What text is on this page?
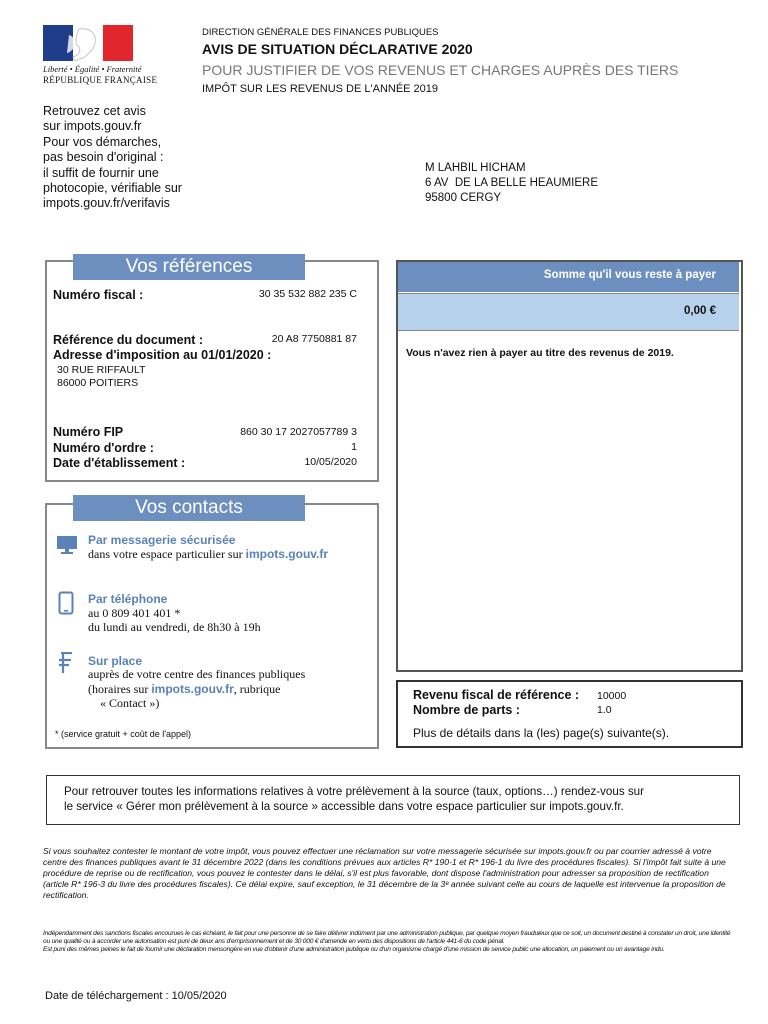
Liberté • Égalité • Fraternité
RÉPUBLIQUE FRANÇAISE
DIRECTION GÉNÉRALE DES FINANCES PUBLIQUES
AVIS DE SITUATION DÉCLARATIVE 2020
POUR JUSTIFIER DE VOS REVENUS ET CHARGES AUPRÈS DES TIERS
IMPÔT SUR LES REVENUS DE L'ANNÉE 2019
Retrouvez cet avis
sur impots.gouv.fr
Pour vos démarches,
pas besoin d'original :
il suffit de fournir une
photocopie, vérifiable sur
impots.gouv.fr/verifavis
M LAHBIL HICHAM
6 AV  DE LA BELLE HEAUMIERE
95800 CERGY
Vos références
Numéro fiscal :	30 35 532 882 235 C
Référence du document :	20 A8 7750881 87
Adresse d'imposition au 01/01/2020 :
30 RUE RIFFAULT
86000 POITIERS
Numéro FIP	860 30 17 2027057789 3
Numéro d'ordre :	1
Date d'établissement :	10/05/2020
Vos contacts
Par messagerie sécurisée
dans votre espace particulier sur impots.gouv.fr
Par téléphone
au 0 809 401 401 *
du lundi au vendredi, de 8h30 à 19h
Sur place
auprès de votre centre des finances publiques
(horaires sur impots.gouv.fr, rubrique
« Contact »)
* (service gratuit + coût de l'appel)
Somme qu'il vous reste à payer
0,00 €
Vous n'avez rien à payer au titre des revenus de 2019.
Revenu fiscal de référence : 10000
Nombre de parts :	1.0
Plus de détails dans la (les) page(s) suivante(s).
Pour retrouver toutes les informations relatives à votre prélèvement à la source (taux, options…) rendez-vous sur
le service « Gérer mon prélèvement à la source » accessible dans votre espace particulier sur impots.gouv.fr.
Si vous souhaitez contester le montant de votre impôt, vous pouvez effectuer une réclamation sur votre messagerie sécurisée sur impots.gouv.fr ou par courrier adressé à votre centre des finances publiques avant le 31 décembre 2022 (dans les conditions prévues aux articles R* 190-1 et R* 196-1 du livre des procédures fiscales). Si l'impôt fait suite à une procédure de reprise ou de rectification, vous pouvez le contester dans le délai, s'il est plus favorable, dont dispose l'administration pour adresser sa proposition de rectification (article R* 196-3 du livre des procédures fiscales). Ce délai expire, sauf exception, le 31 décembre de la 3ᵉ année suivant celle au cours de laquelle est intervenue la proposition de rectification.
Indépendamment des sanctions fiscales encourues le cas échéant, le fait pour une personne de se faire délivrer indûment par une administration publique, par quelque moyen frauduleux que ce soit, un document destiné à constater un droit, une identité ou une qualité ou à accorder une autorisation est puni de deux ans d'emprisonnement et de 30 000 € d'amende en vertu des dispositions de l'article 441-6 du code pénal.
Est puni des mêmes peines le fait de fournir une déclaration mensongère en vue d'obtenir d'une administration publique ou d'un organisme chargé d'une mission de service public une allocation, un paiement ou un avantage indu.
Date de téléchargement : 10/05/2020
